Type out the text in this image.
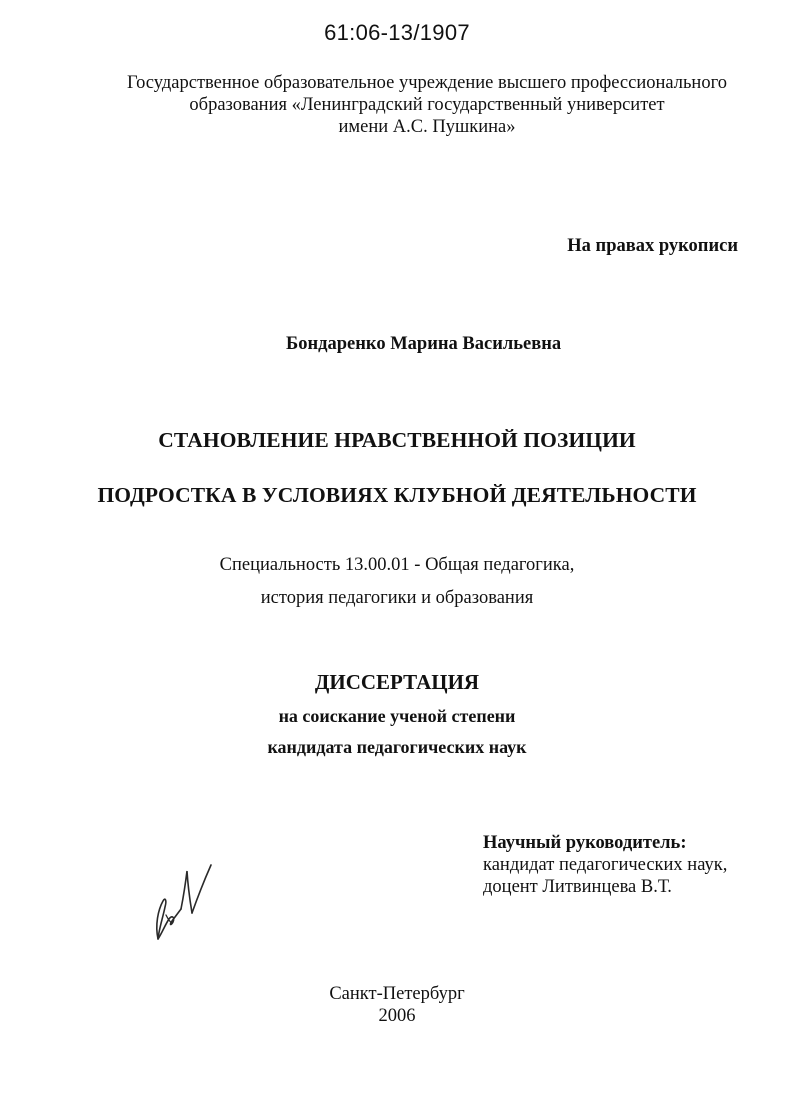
61:06-13/1907

Государственное образовательное учреждение высшего профессионального
образования «Ленинградский государственный университет
имени А.С. Пушкина»

На правах рукописи

Бондаренко Марина Васильевна

СТАНОВЛЕНИЕ НРАВСТВЕННОЙ ПОЗИЦИИ

ПОДРОСТКА В УСЛОВИЯХ КЛУБНОЙ ДЕЯТЕЛЬНОСТИ

Специальность 13.00.01 - Общая педагогика,

история педагогики и образования

ДИССЕРТАЦИЯ

на соискание ученой степени

кандидата педагогических наук

Научный руководитель:
кандидат педагогических наук,
доцент Литвинцева В.Т.

Санкт-Петербург

2006
